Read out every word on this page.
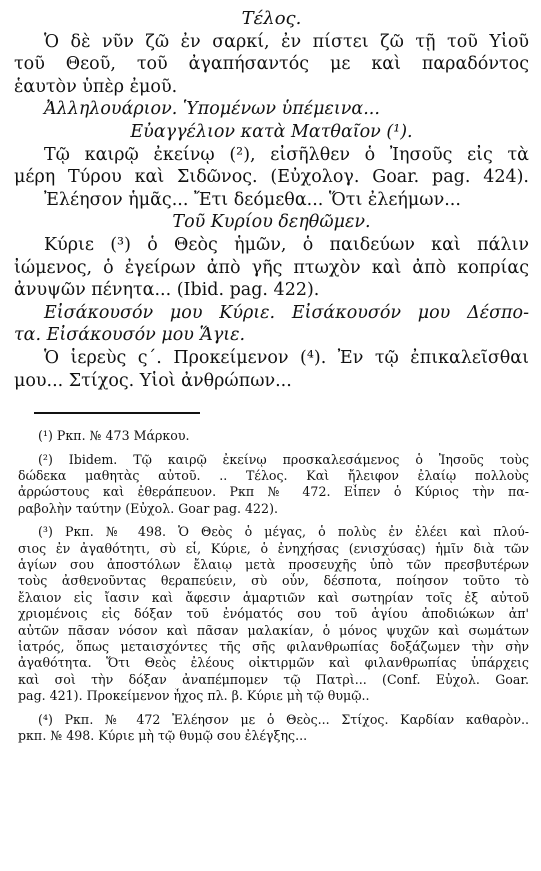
Τέλος.
Ὁ δὲ νῦν ζῶ ἐν σαρκί, ἐν πίστει ζῶ τῇ τοῦ Υἱοῦ
τοῦ Θεοῦ, τοῦ ἀγαπήσαντός με καὶ παραδόντος
ἑαυτὸν ὑπὲρ ἐμοῦ.
Ἀλληλουάριον. Ὑπομένων ὑπέμεινα...
Εὐαγγέλιον κατὰ Ματθαῖον (¹).
Τῷ καιρῷ ἐκείνῳ (²), εἰσῆλθεν ὁ Ἰησοῦς εἰς τὰ
μέρη Τύρου καὶ Σιδῶνος. (Εὐχολογ. Goar. pag. 424).
Ἐλέησον ἡμᾶς... Ἔτι δεόμεθα... Ὅτι ἐλεήμων...
Τοῦ Κυρίου δεηθῶμεν.
Κύριε (³) ὁ Θεὸς ἡμῶν, ὁ παιδεύων καὶ πάλιν
ἰώμενος, ὁ ἐγείρων ἀπὸ γῆς πτωχὸν καὶ ἀπὸ κοπρίας
ἀνυψῶν πένητα... (Ibid. pag. 422).
Εἰσάκουσόν μου Κύριε. Εἰσάκουσόν μου Δέσπο-
τα. Εἰσάκουσόν μου Ἅγιε.
Ὁ ἱερεὺς ς΄. Προκείμενον (⁴). Ἐν τῷ ἐπικαλεῖσθαι
μου... Στίχος. Υἱοὶ ἀνθρώπων...
(¹) Ркп. № 473 Μάρκου.
(²) Ibidem. Τῷ καιρῷ ἐκείνῳ προσκαλεσάμενος ὁ Ἰησοῦς τοὺς
δώδεκα μαθητὰς αὐτοῦ. .. Τέλος. Καὶ ἤλειφον ἐλαίῳ πολλοὺς
ἀρρώστους καὶ ἐθεράπευον. Ркп № 472. Εἶπεν ὁ Κύριος τὴν πα-
ραβολὴν ταύτην (Εὐχολ. Goar pag. 422).
(³) Ркп. № 498. Ὁ Θεὸς ὁ μέγας, ὁ πολὺς ἐν ἐλέει καὶ πλού-
σιος ἐν ἀγαθότητι, σὺ εἶ, Κύριε, ὁ ἐνηχήσας (ενισχύσας) ἡμῖν διὰ τῶν
ἁγίων σου ἀποστόλων ἔλαιῳ μετὰ προσευχῆς ὑπὸ τῶν πρεσβυτέρων
τοὺς ἀσθενοῦντας θεραπεύειν, σὺ οὖν, δέσποτα, ποίησον τοῦτο τὸ
ἔλαιον εἰς ἴασιν καὶ ἄφεσιν ἁμαρτιῶν καὶ σωτηρίαν τοῖς ἐξ αὐτοῦ
χριομένοις εἰς δόξαν τοῦ ἐνόματός σου τοῦ ἁγίου ἀποδιώκων ἀπ'
αὐτῶν πᾶσαν νόσον καὶ πᾶσαν μαλακίαν, ὁ μόνος ψυχῶν καὶ σωμάτων
ἰατρός, ὅπως μεταισχόντες τῆς σῆς φιλανθρωπίας δοξάζωμεν τὴν σὴν
ἀγαθότητα. Ὅτι Θεὸς ἐλέους οἰκτιρμῶν καὶ φιλανθρωπίας ὑπάρχεις
καὶ σοὶ τὴν δόξαν ἀναπέμπομεν τῷ Πατρὶ... (Conf. Εὐχολ. Goar.
pag. 421). Προκείμενον ἦχος πλ. β. Κύριε μὴ τῷ θυμῷ..
(⁴) Ркп. № 472 Ἐλέησον με ὁ Θεὸς... Στίχος. Καρδίαν καθαρὸν..
ркп. № 498. Κύριε μὴ τῷ θυμῷ σου ἐλέγξης...
